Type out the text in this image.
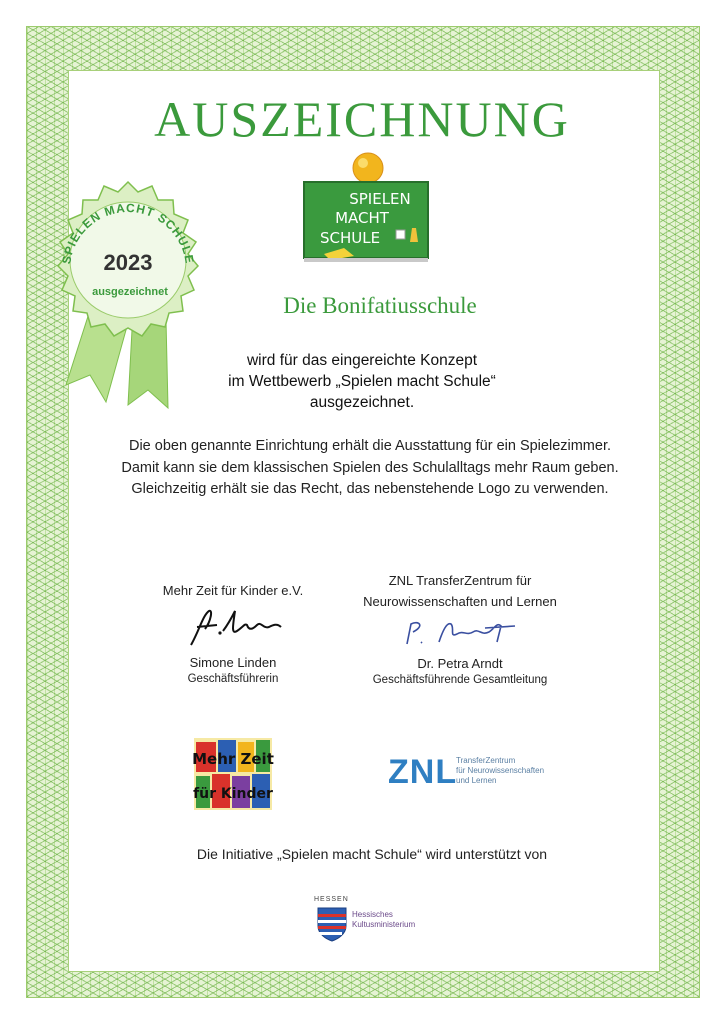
AUSZEICHNUNG
SPIELEN MACHT SCHULE
2023
ausgezeichnet
SPIELEN
MACHT
SCHULE
Die Bonifatiusschule
wird für das eingereichte Konzept
im Wettbewerb „Spielen macht Schule“
ausgezeichnet.
Die oben genannte Einrichtung erhält die Ausstattung für ein Spielezimmer.
Damit kann sie dem klassischen Spielen des Schulalltags mehr Raum geben.
Gleichzeitig erhält sie das Recht, das nebenstehende Logo zu verwenden.
Mehr Zeit für Kinder e.V.
Simone Linden
Geschäftsführerin
ZNL TransferZentrum für
Neurowissenschaften und Lernen
Dr. Petra Arndt
Geschäftsführende Gesamtleitung
Mehr Zeit
für Kinder
ZNL
TransferZentrum
für Neurowissenschaften
und Lernen
Die Initiative „Spielen macht Schule“ wird unterstützt von
HESSEN
Hessisches
Kultusministerium
